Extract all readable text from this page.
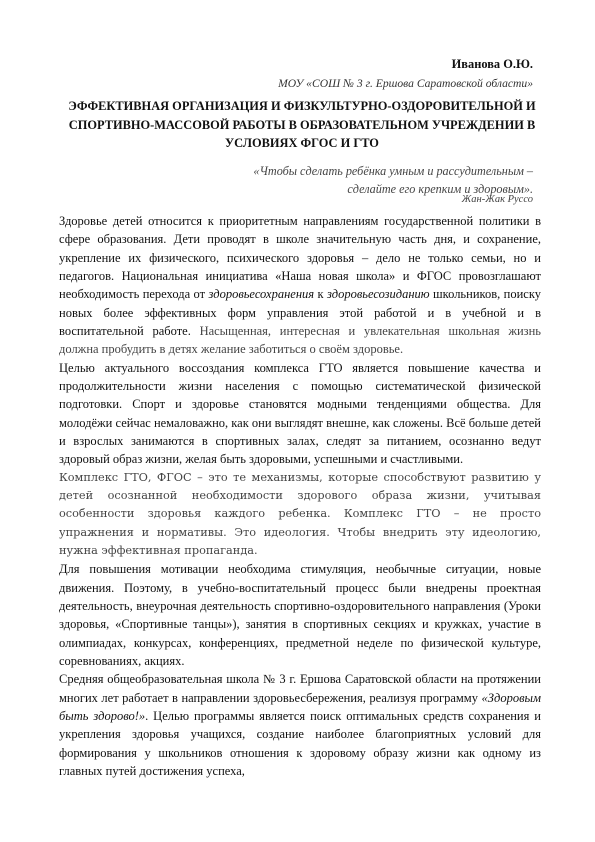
Иванова О.Ю.
МОУ «СОШ № 3 г. Ершова Саратовской области»
ЭФФЕКТИВНАЯ ОРГАНИЗАЦИЯ И ФИЗКУЛЬТУРНО-ОЗДОРОВИТЕЛЬНОЙ И СПОРТИВНО-МАССОВОЙ РАБОТЫ В ОБРАЗОВАТЕЛЬНОМ УЧРЕЖДЕНИИ В УСЛОВИЯХ ФГОС И ГТО
«Чтобы сделать ребёнка умным и рассудительным –
сделайте его крепким и здоровым».
Жан-Жак Руссо

Здоровье детей относится к приоритетным направлениям государственной политики в сфере образования. Дети проводят в школе значительную часть дня, и сохранение, укрепление их физического, психического здоровья – дело не только семьи, но и педагогов. Национальная инициатива «Наша новая школа» и ФГОС провозглашают необходимость перехода от здоровьесохранения к здоровьесозиданию школьников, поиску новых более эффективных форм управления этой работой и в учебной и в воспитательной работе. Насыщенная, интересная и увлекательная школьная жизнь должна пробудить в детях желание заботиться о своём здоровье.

Целью актуального воссоздания комплекса ГТО является повышение качества и продолжительности жизни населения с помощью систематической физической подготовки. Спорт и здоровье становятся модными тенденциями общества. Для молодёжи сейчас немаловажно, как они выглядят внешне, как сложены. Всё больше детей и взрослых занимаются в спортивных залах, следят за питанием, осознанно ведут здоровый образ жизни, желая быть здоровыми, успешными и счастливыми.

Комплекс ГТО, ФГОС – это те механизмы, которые способствуют развитию у детей осознанной необходимости здорового образа жизни, учитывая особенности здоровья каждого ребенка. Комплекс ГТО – не просто упражнения и нормативы. Это идеология. Чтобы внедрить эту идеологию, нужна эффективная пропаганда.

Для повышения мотивации необходима стимуляция, необычные ситуации, новые движения. Поэтому, в учебно-воспитательный процесс были внедрены проектная деятельность, внеурочная деятельность спортивно-оздоровительного направления (Уроки здоровья, «Спортивные танцы»), занятия в спортивных секциях и кружках, участие в олимпиадах, конкурсах, конференциях, предметной неделе по физической культуре, соревнованиях, акциях.

Средняя общеобразовательная школа № 3 г. Ершова Саратовской области на протяжении многих лет работает в направлении здоровьесбережения, реализуя программу «Здоровым быть здорово!». Целью программы является поиск оптимальных средств сохранения и укрепления здоровья учащихся, создание наиболее благоприятных условий для формирования у школьников отношения к здоровому образу жизни как одному из главных путей достижения успеха,
